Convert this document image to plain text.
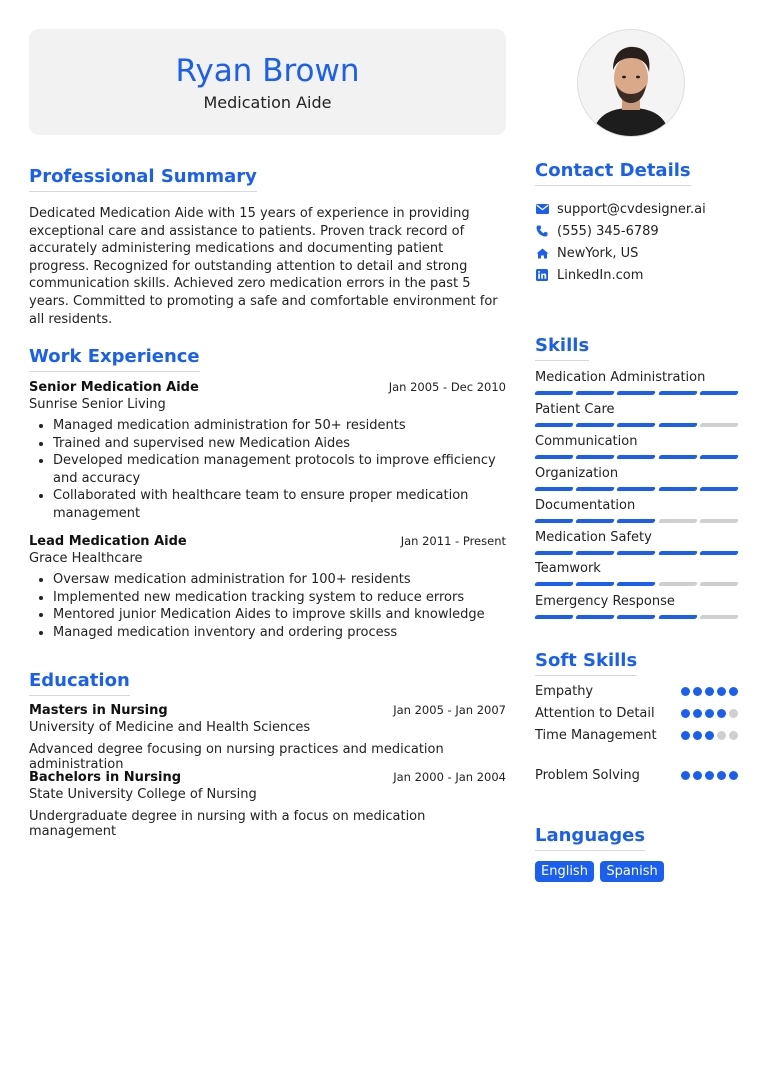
Ryan Brown
Medication Aide
Professional Summary
Dedicated Medication Aide with 15 years of experience in providing exceptional care and assistance to patients. Proven track record of accurately administering medications and documenting patient progress. Recognized for outstanding attention to detail and strong communication skills. Achieved zero medication errors in the past 5 years. Committed to promoting a safe and comfortable environment for all residents.
Work Experience
Senior Medication Aide	Jan 2005 - Dec 2010
Sunrise Senior Living
• Managed medication administration for 50+ residents
• Trained and supervised new Medication Aides
• Developed medication management protocols to improve efficiency and accuracy
• Collaborated with healthcare team to ensure proper medication management
Lead Medication Aide	Jan 2011 - Present
Grace Healthcare
• Oversaw medication administration for 100+ residents
• Implemented new medication tracking system to reduce errors
• Mentored junior Medication Aides to improve skills and knowledge
• Managed medication inventory and ordering process
Education
Masters in Nursing	Jan 2005 - Jan 2007
University of Medicine and Health Sciences
Advanced degree focusing on nursing practices and medication administration
Bachelors in Nursing	Jan 2000 - Jan 2004
State University College of Nursing
Undergraduate degree in nursing with a focus on medication management
Contact Details
support@cvdesigner.ai
(555) 345-6789
NewYork, US
LinkedIn.com
Skills
Medication Administration
Patient Care
Communication
Organization
Documentation
Medication Safety
Teamwork
Emergency Response
Soft Skills
Empathy
Attention to Detail
Time Management
Problem Solving
Languages
English Spanish
